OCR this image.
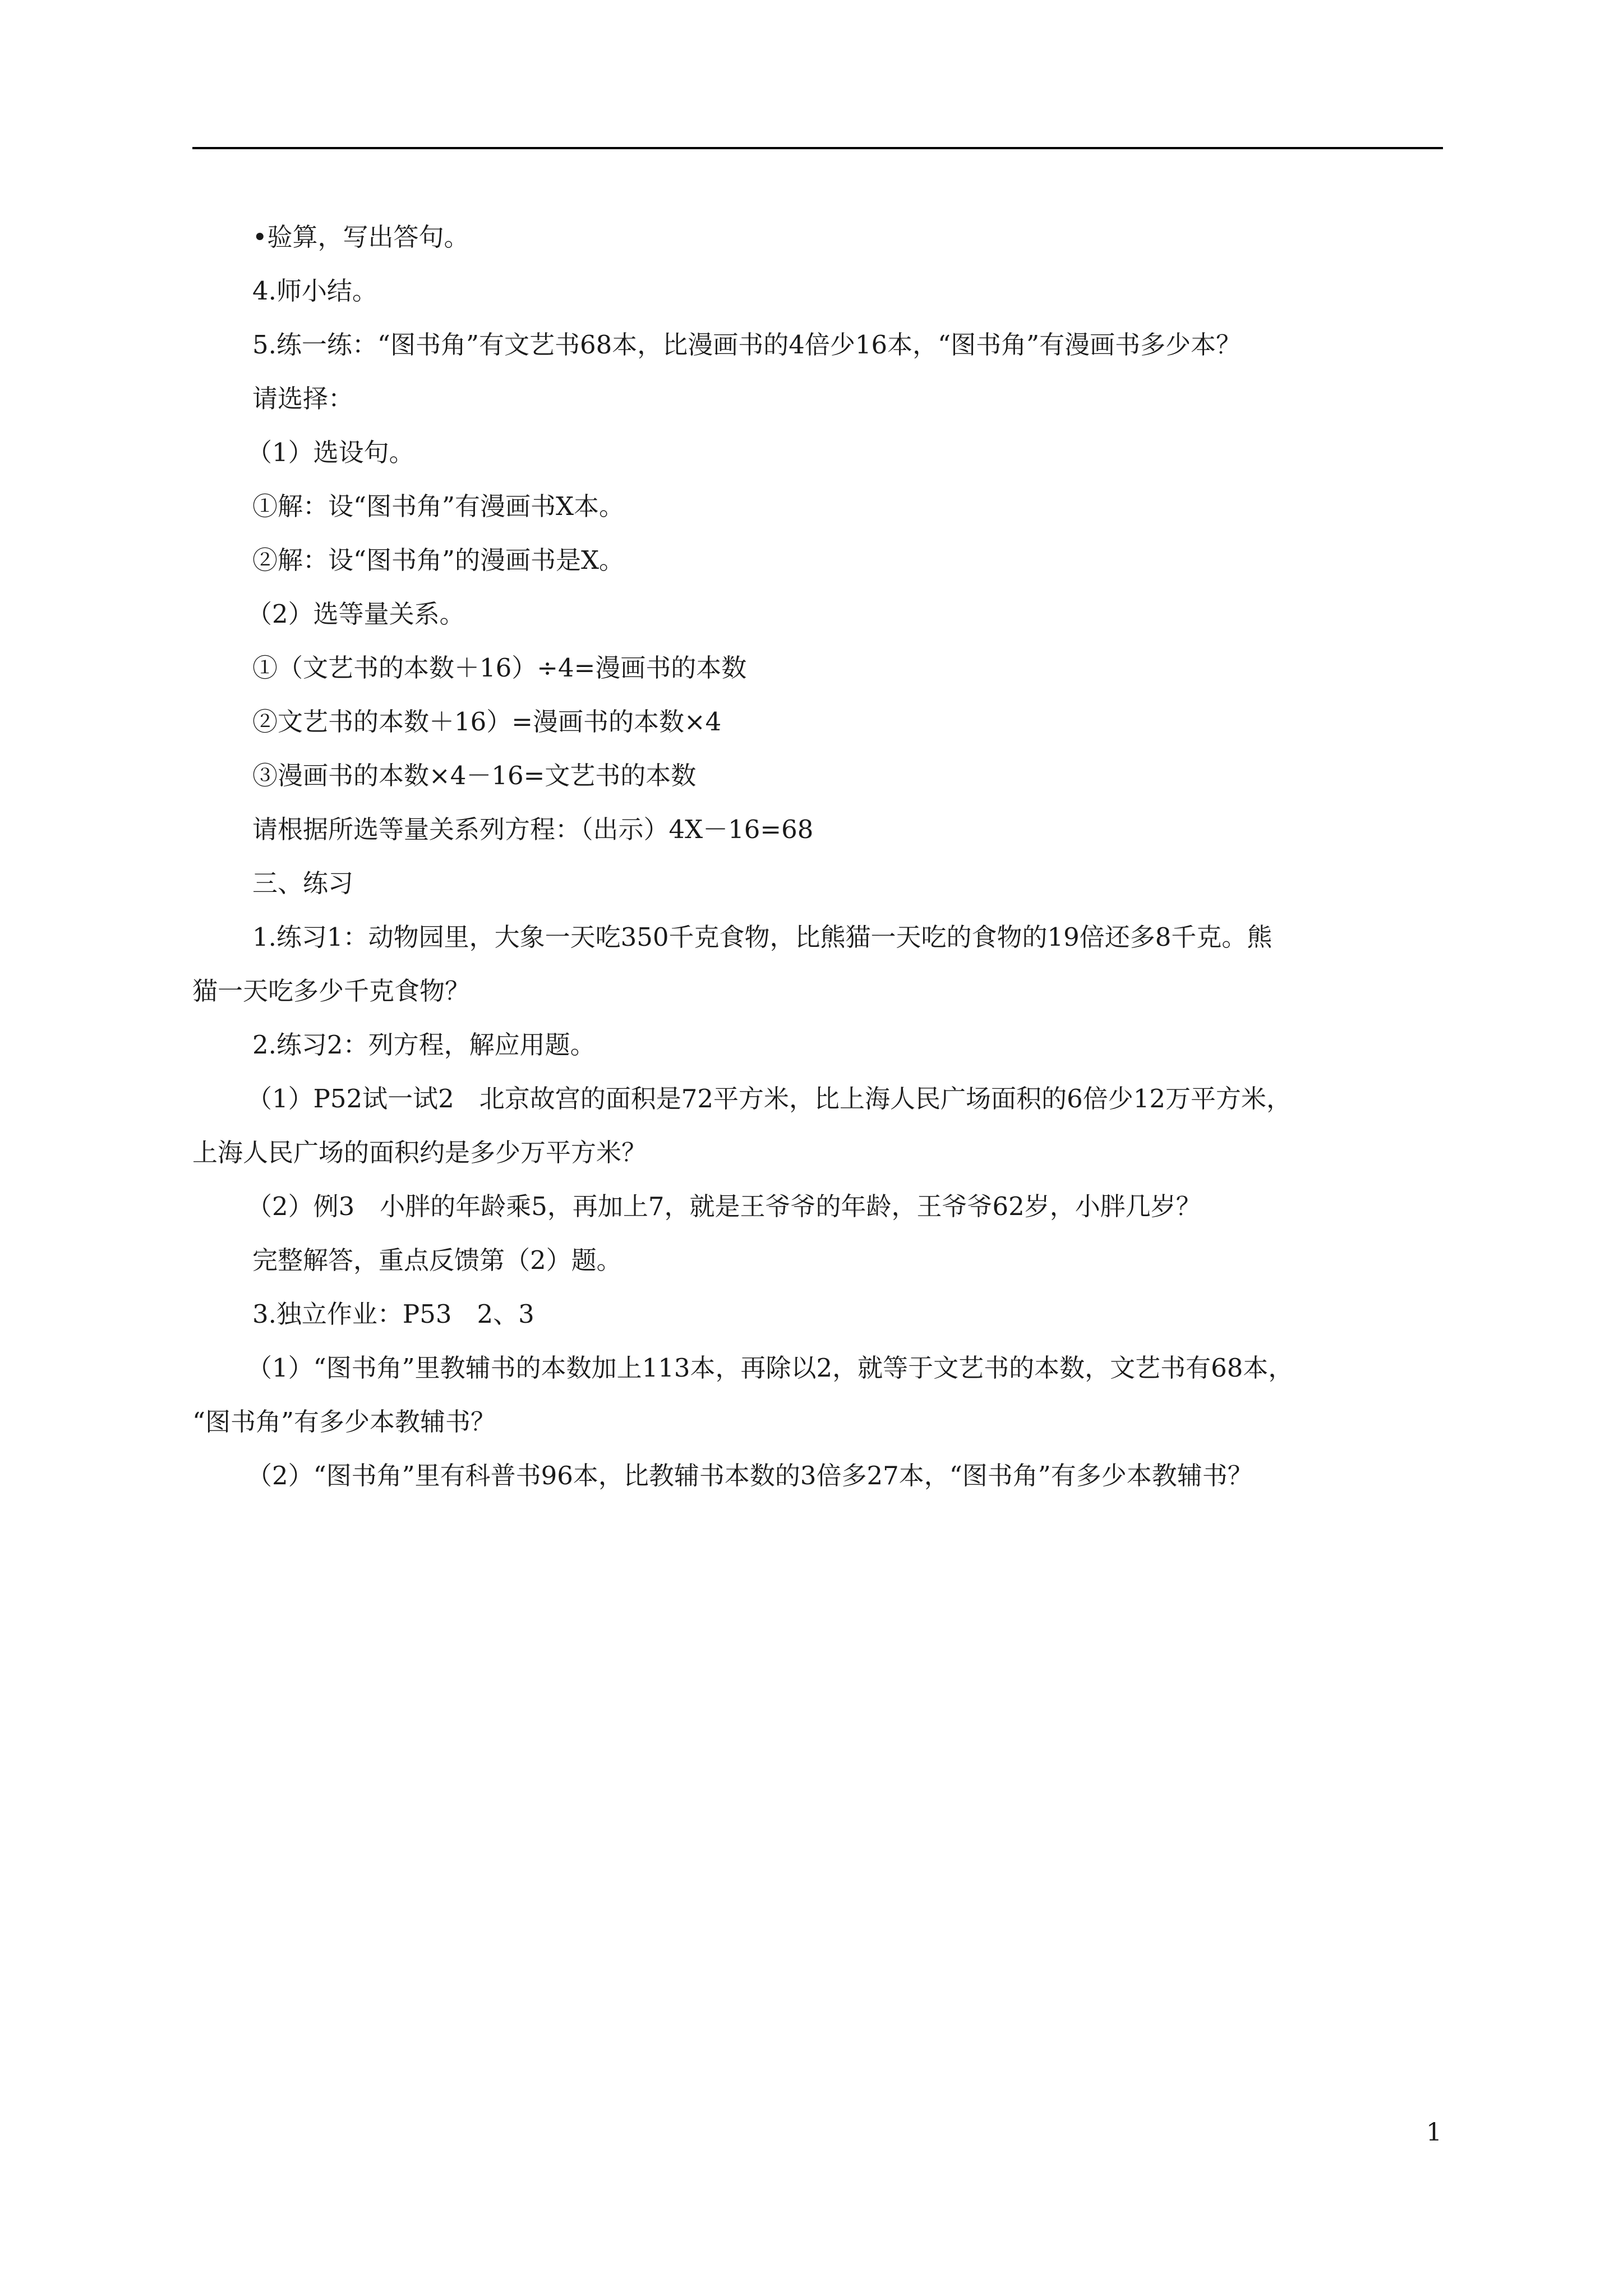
•验算，写出答句。
4.师小结。
5.练一练：“图书角”有文艺书68本，比漫画书的4倍少16本，“图书角”有漫画书多少本？
请选择：
（1）选设句。
①解：设“图书角”有漫画书X本。
②解：设“图书角”的漫画书是X。
（2）选等量关系。
①（文艺书的本数＋16）÷4=漫画书的本数
②文艺书的本数＋16）=漫画书的本数×4
③漫画书的本数×4－16=文艺书的本数
请根据所选等量关系列方程：（出示）4X－16=68
三、练习
1.练习1：动物园里，大象一天吃350千克食物，比熊猫一天吃的食物的19倍还多8千克。熊
猫一天吃多少千克食物？
2.练习2：列方程，解应用题。
（1）P52试一试2　北京故宫的面积是72平方米，比上海人民广场面积的6倍少12万平方米，
上海人民广场的面积约是多少万平方米？
（2）例3　小胖的年龄乘5，再加上7，就是王爷爷的年龄，王爷爷62岁，小胖几岁？
完整解答，重点反馈第（2）题。
3.独立作业：P53　2、3
（1）“图书角”里教辅书的本数加上113本，再除以2，就等于文艺书的本数，文艺书有68本，
“图书角”有多少本教辅书？
（2）“图书角”里有科普书96本，比教辅书本数的3倍多27本，“图书角”有多少本教辅书？
1
